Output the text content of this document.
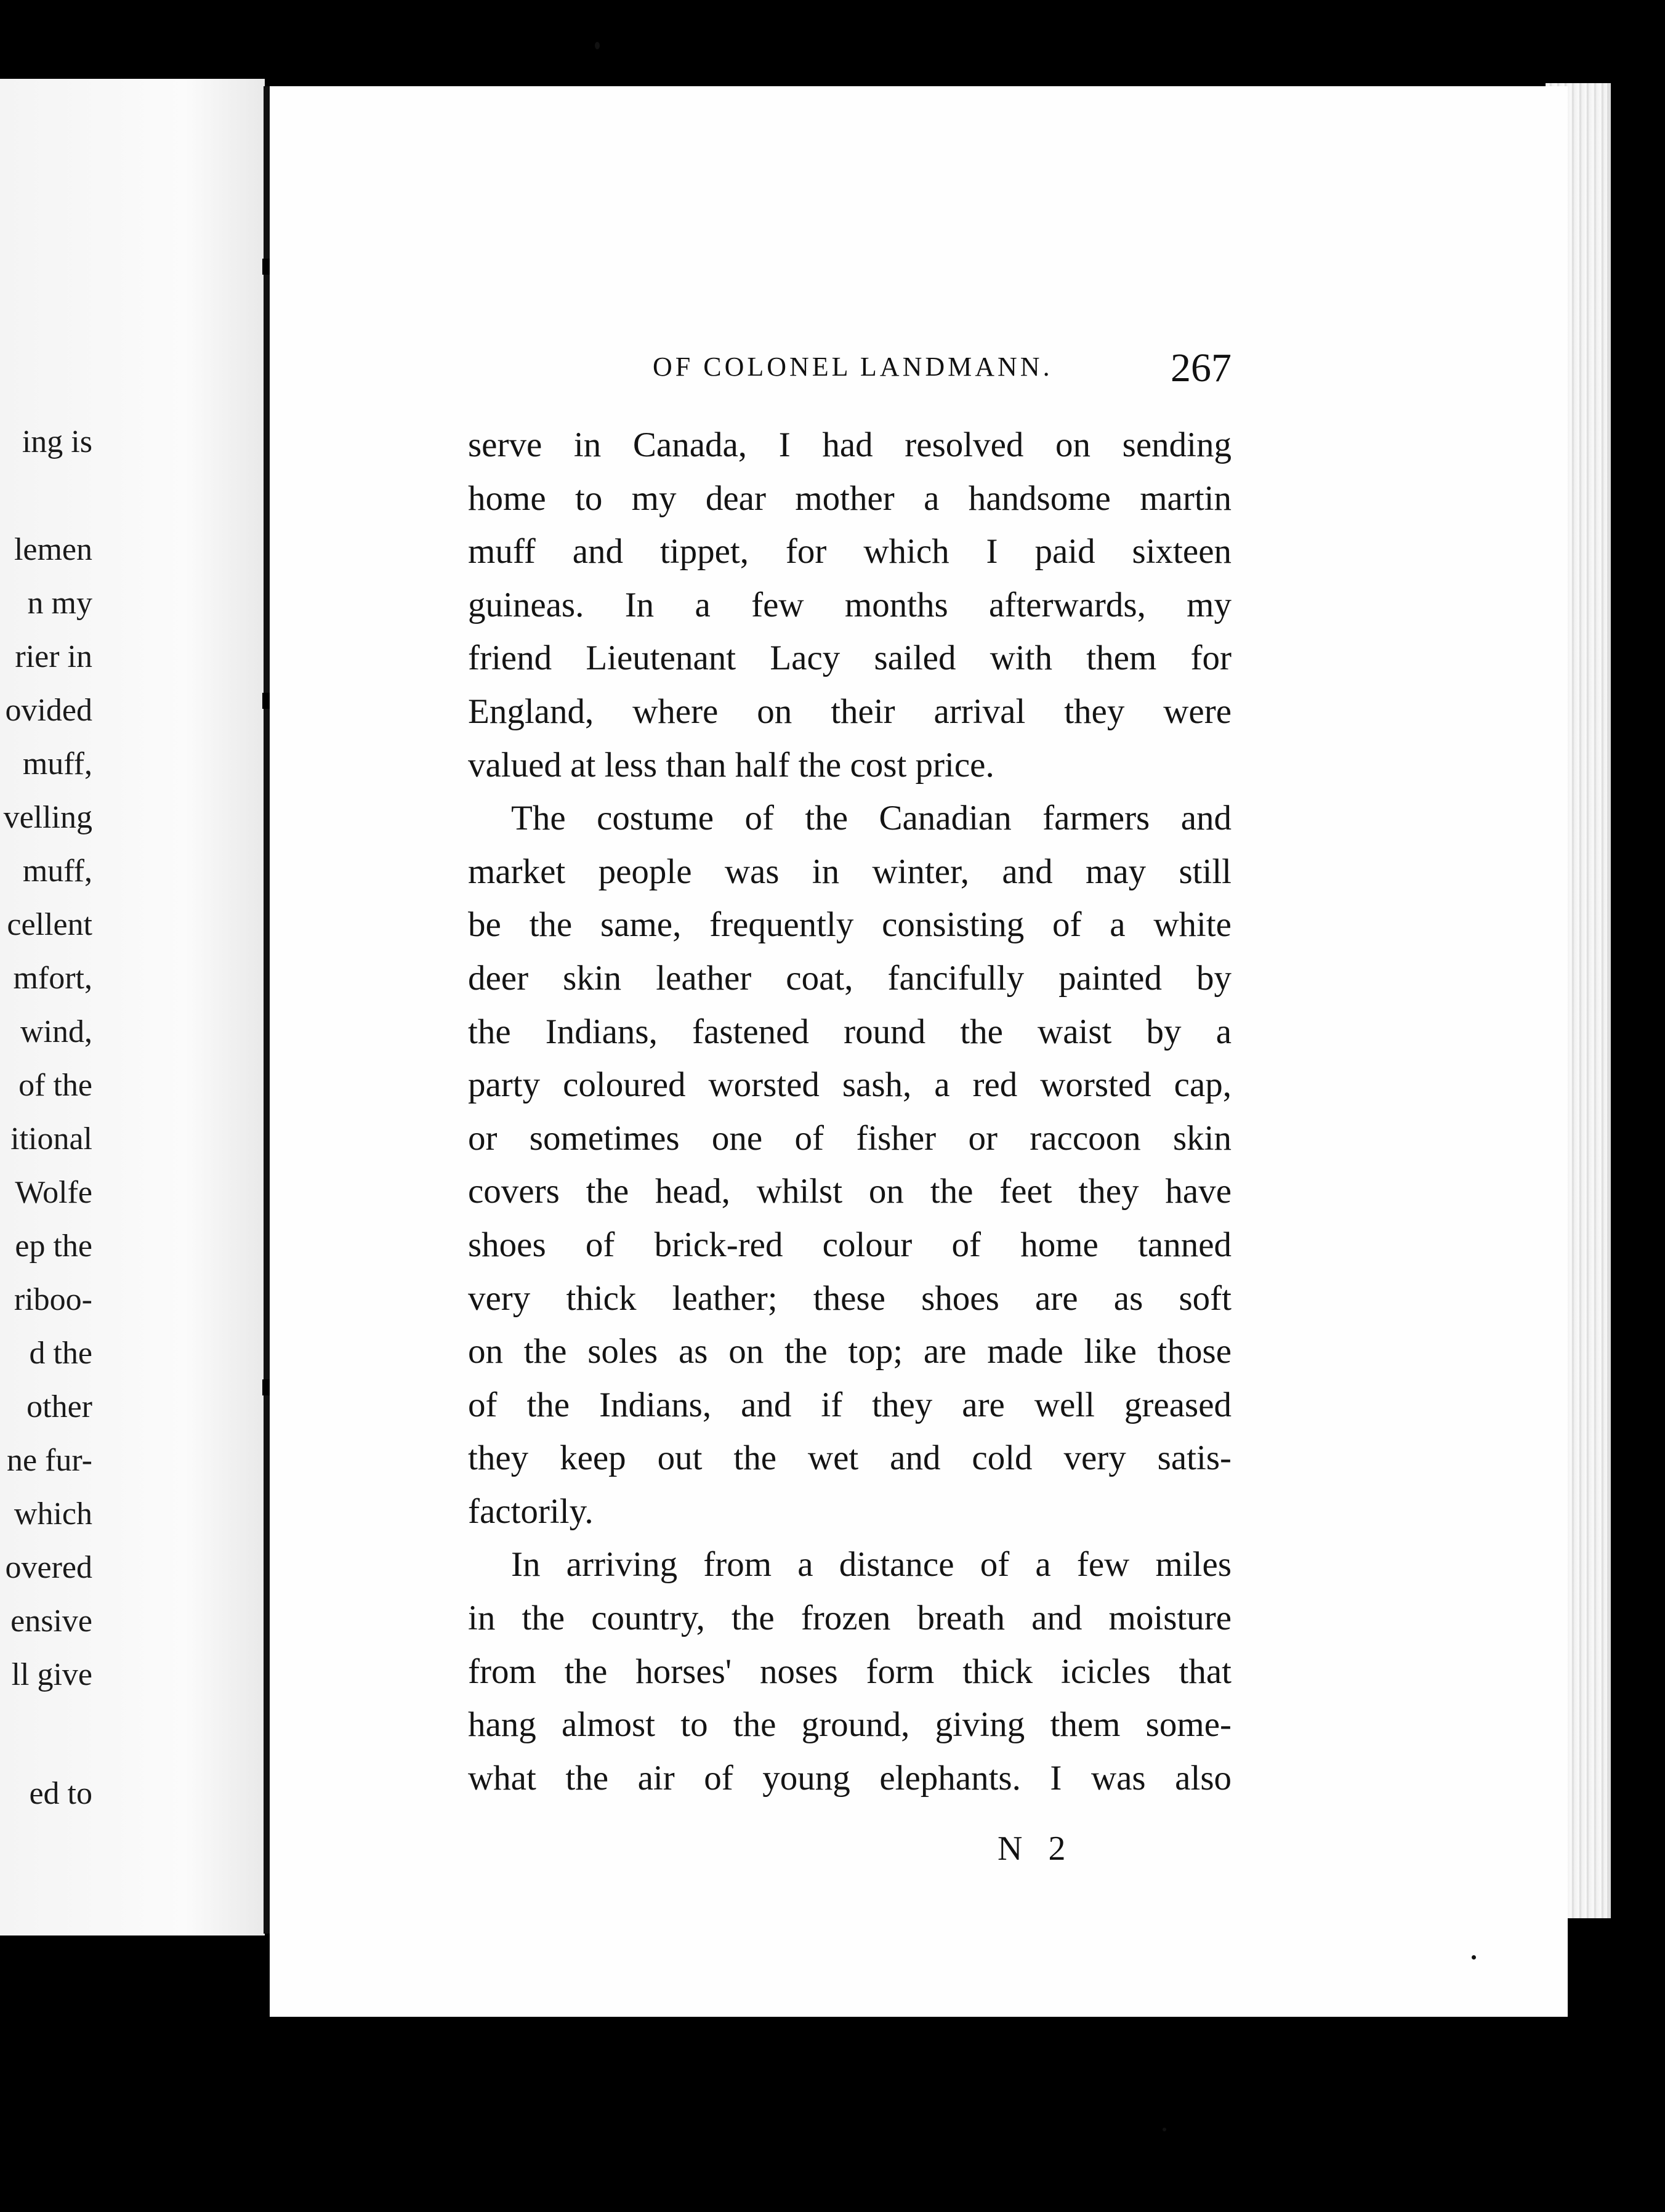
ing is
lemen
n my
rier in
ovided
muff,
velling
muff,
cellent
mfort,
wind,
of the
itional
Wolfe
ep the
riboo-
d the
other
ne fur-
which
overed
ensive
ll give
ed to
OF COLONEL LANDMANN.	267
serve in Canada, I had resolved on sending
home to my dear mother a handsome martin
muff and tippet, for which I paid sixteen
guineas. In a few months afterwards, my
friend Lieutenant Lacy sailed with them for
England, where on their arrival they were
valued at less than half the cost price.
The costume of the Canadian farmers and
market people was in winter, and may still
be the same, frequently consisting of a white
deer skin leather coat, fancifully painted by
the Indians, fastened round the waist by a
party coloured worsted sash, a red worsted cap,
or sometimes one of fisher or raccoon skin
covers the head, whilst on the feet they have
shoes of brick-red colour of home tanned
very thick leather; these shoes are as soft
on the soles as on the top; are made like those
of the Indians, and if they are well greased
they keep out the wet and cold very satis-
factorily.
In arriving from a distance of a few miles
in the country, the frozen breath and moisture
from the horses' noses form thick icicles that
hang almost to the ground, giving them some-
what the air of young elephants. I was also
N 2
